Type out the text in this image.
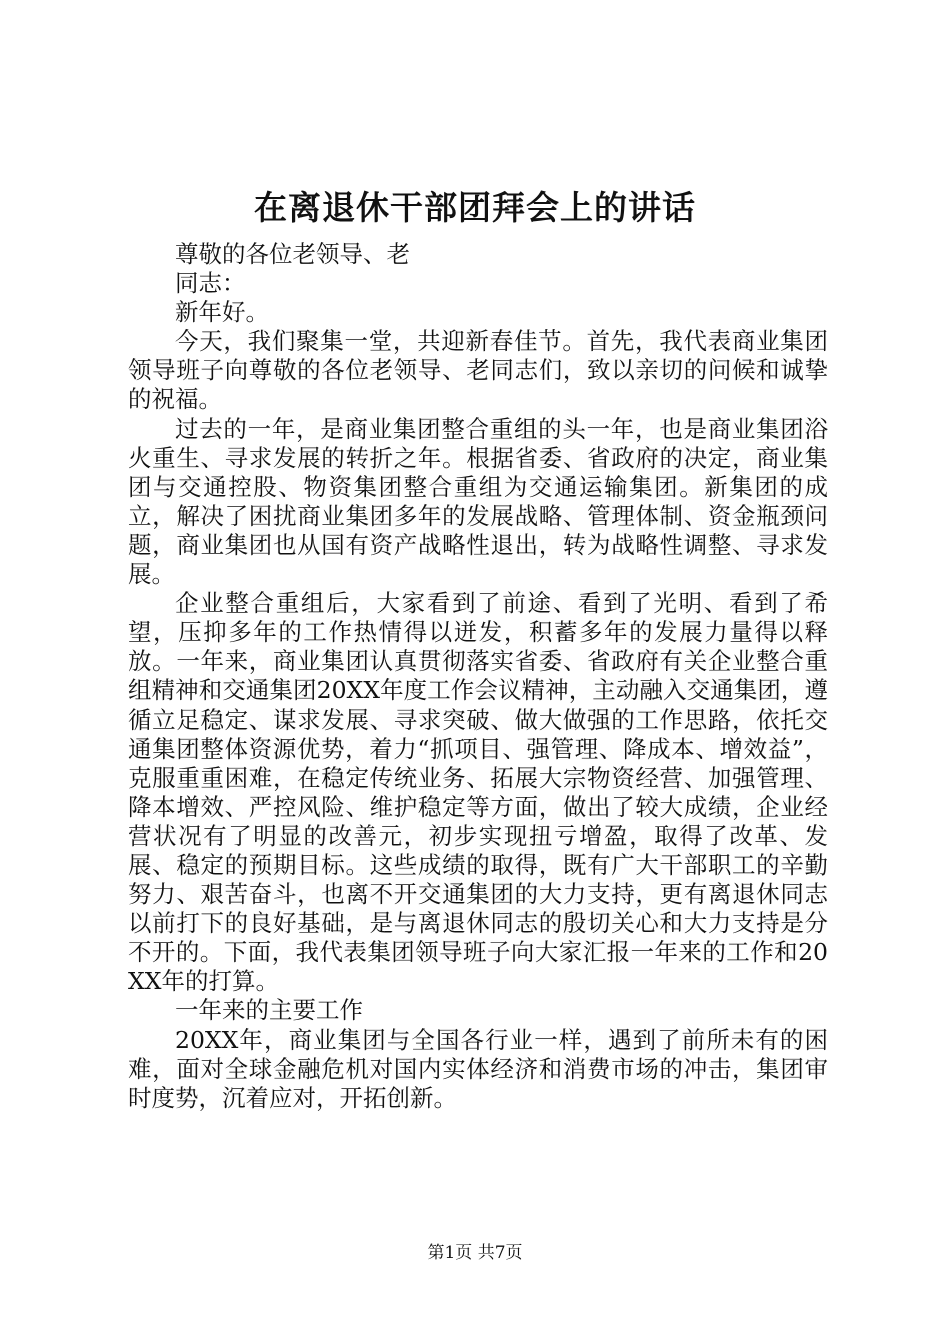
在离退休干部团拜会上的讲话

尊敬的各位老领导、老

同志：

新年好。

今天，我们聚集一堂，共迎新春佳节。首先，我代表商业集团领导班子向尊敬的各位老领导、老同志们，致以亲切的问候和诚挚的祝福。

过去的一年，是商业集团整合重组的头一年，也是商业集团浴火重生、寻求发展的转折之年。根据省委、省政府的决定，商业集团与交通控股、物资集团整合重组为交通运输集团。新集团的成立，解决了困扰商业集团多年的发展战略、管理体制、资金瓶颈问题，商业集团也从国有资产战略性退出，转为战略性调整、寻求发展。

企业整合重组后，大家看到了前途、看到了光明、看到了希望，压抑多年的工作热情得以迸发，积蓄多年的发展力量得以释放。一年来，商业集团认真贯彻落实省委、省政府有关企业整合重组精神和交通集团20XX年度工作会议精神，主动融入交通集团，遵循立足稳定、谋求发展、寻求突破、做大做强的工作思路，依托交通集团整体资源优势，着力“抓项目、强管理、降成本、增效益”，克服重重困难，在稳定传统业务、拓展大宗物资经营、加强管理、降本增效、严控风险、维护稳定等方面，做出了较大成绩，企业经营状况有了明显的改善元，初步实现扭亏增盈，取得了改革、发展、稳定的预期目标。这些成绩的取得，既有广大干部职工的辛勤努力、艰苦奋斗，也离不开交通集团的大力支持，更有离退休同志以前打下的良好基础，是与离退休同志的殷切关心和大力支持是分不开的。下面，我代表集团领导班子向大家汇报一年来的工作和20XX年的打算。

一年来的主要工作

20XX年，商业集团与全国各行业一样，遇到了前所未有的困难，面对全球金融危机对国内实体经济和消费市场的冲击，集团审时度势，沉着应对，开拓创新。

第1页 共7页
